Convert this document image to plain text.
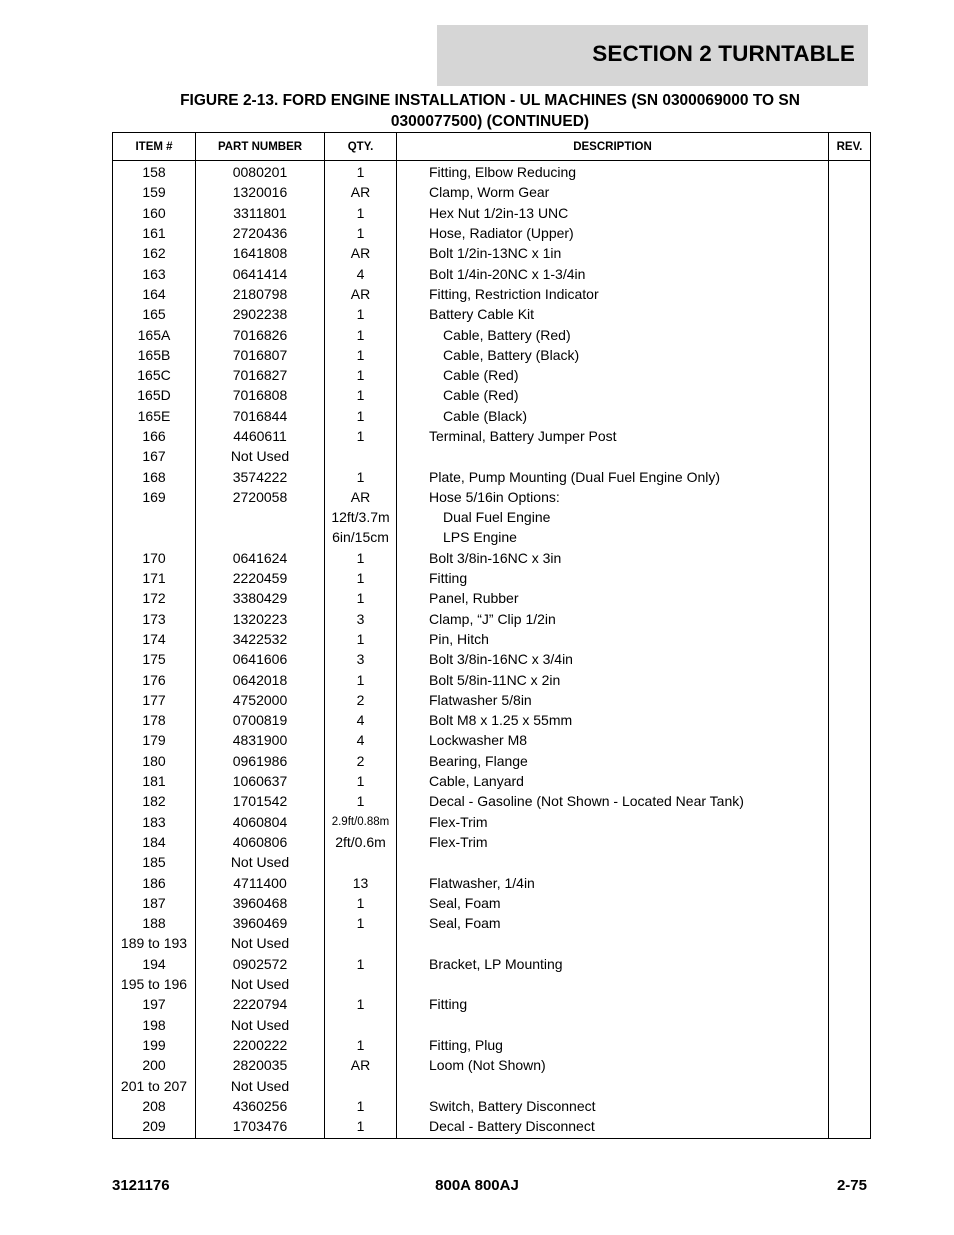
SECTION 2 TURNTABLE
FIGURE 2-13. FORD ENGINE INSTALLATION - UL MACHINES (SN 0300069000 TO SN
0300077500) (CONTINUED)
ITEM #	PART NUMBER	QTY.	DESCRIPTION	REV.
158	0080201	1	Fitting, Elbow Reducing	
159	1320016	AR	Clamp, Worm Gear	
160	3311801	1	Hex Nut 1/2in-13 UNC	
161	2720436	1	Hose, Radiator (Upper)	
162	1641808	AR	Bolt 1/2in-13NC x 1in	
163	0641414	4	Bolt 1/4in-20NC x 1-3/4in	
164	2180798	AR	Fitting, Restriction Indicator	
165	2902238	1	Battery Cable Kit	
165A	7016826	1	Cable, Battery (Red)	
165B	7016807	1	Cable, Battery (Black)	
165C	7016827	1	Cable (Red)	
165D	7016808	1	Cable (Red)	
165E	7016844	1	Cable (Black)	
166	4460611	1	Terminal, Battery Jumper Post	
167	Not Used			
168	3574222	1	Plate, Pump Mounting (Dual Fuel Engine Only)	
169	2720058	AR	Hose 5/16in Options:	
		12ft/3.7m	Dual Fuel Engine	
		6in/15cm	LPS Engine	
170	0641624	1	Bolt 3/8in-16NC x 3in	
171	2220459	1	Fitting	
172	3380429	1	Panel, Rubber	
173	1320223	3	Clamp, “J” Clip 1/2in	
174	3422532	1	Pin, Hitch	
175	0641606	3	Bolt 3/8in-16NC x 3/4in	
176	0642018	1	Bolt 5/8in-11NC x 2in	
177	4752000	2	Flatwasher 5/8in	
178	0700819	4	Bolt M8 x 1.25 x 55mm	
179	4831900	4	Lockwasher M8	
180	0961986	2	Bearing, Flange	
181	1060637	1	Cable, Lanyard	
182	1701542	1	Decal - Gasoline (Not Shown - Located Near Tank)	
183	4060804	2.9ft/0.88m	Flex-Trim	
184	4060806	2ft/0.6m	Flex-Trim	
185	Not Used			
186	4711400	13	Flatwasher, 1/4in	
187	3960468	1	Seal, Foam	
188	3960469	1	Seal, Foam	
189 to 193	Not Used			
194	0902572	1	Bracket, LP Mounting	
195 to 196	Not Used			
197	2220794	1	Fitting	
198	Not Used			
199	2200222	1	Fitting, Plug	
200	2820035	AR	Loom (Not Shown)	
201 to 207	Not Used			
208	4360256	1	Switch, Battery Disconnect	
209	1703476	1	Decal - Battery Disconnect	
3121176	800A 800AJ	2-75
